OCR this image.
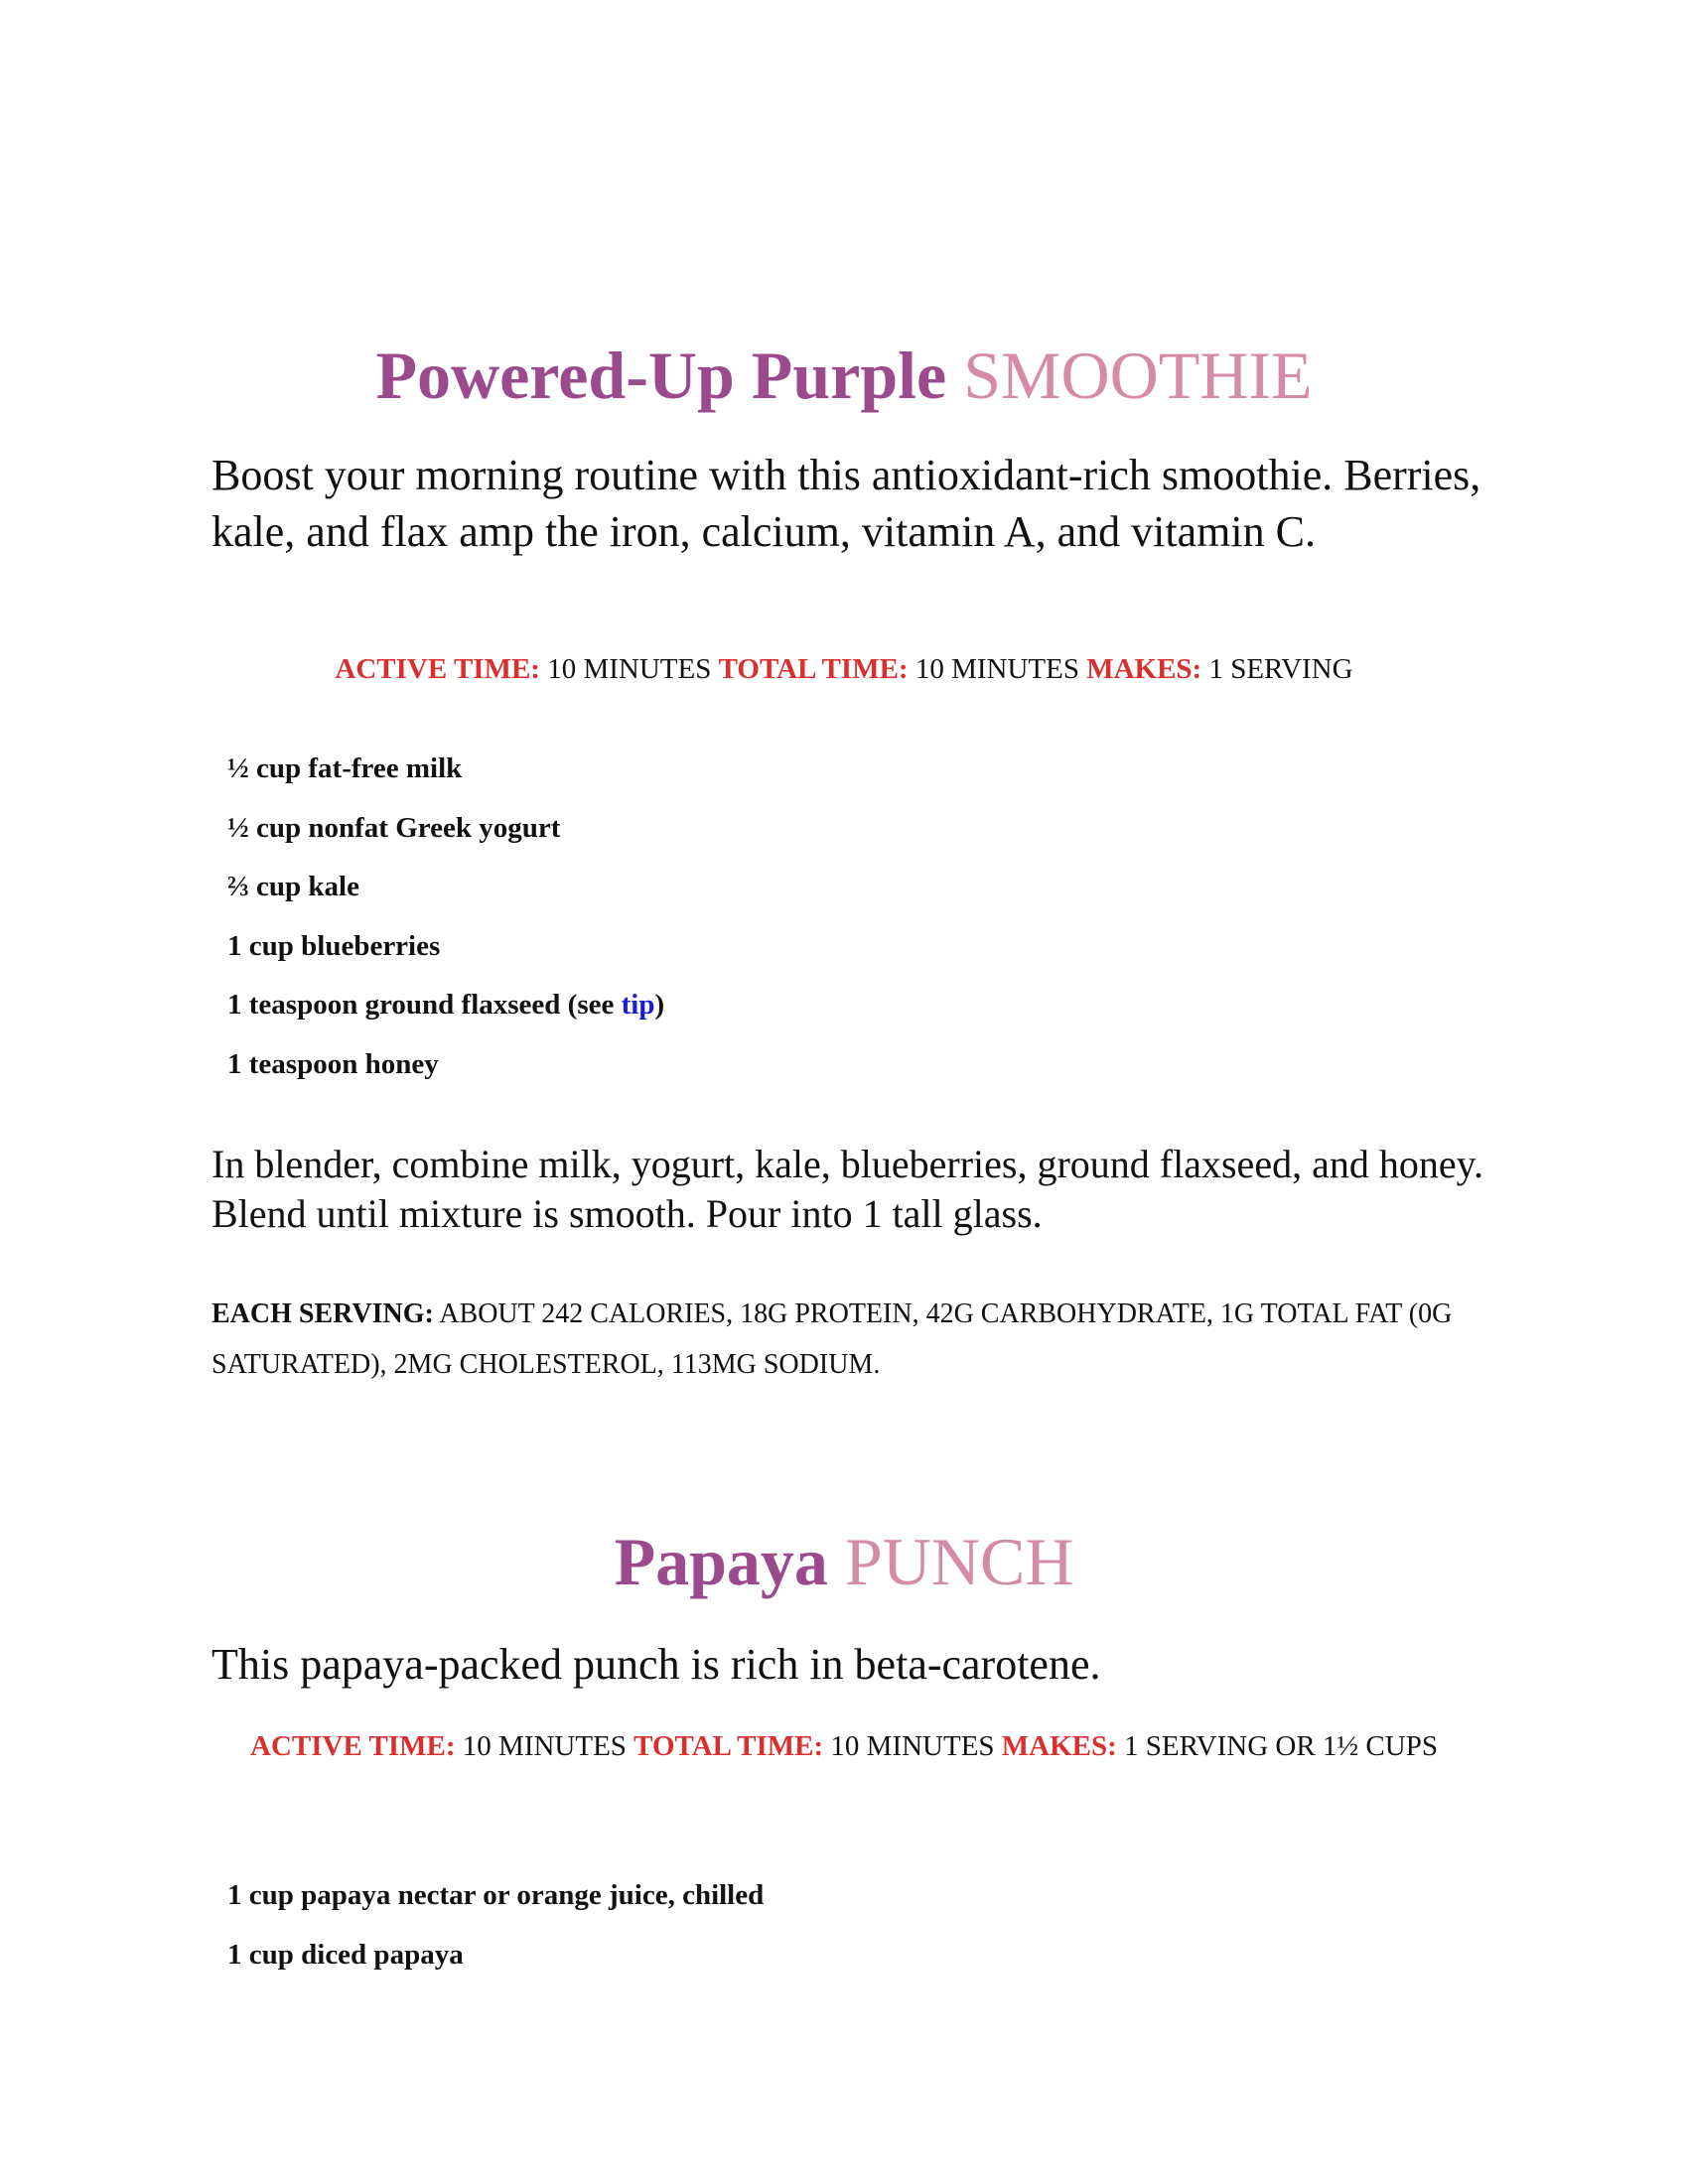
Powered-Up Purple SMOOTHIE

Boost your morning routine with this antioxidant-rich smoothie. Berries, kale, and flax amp the iron, calcium, vitamin A, and vitamin C.

ACTIVE TIME: 10 MINUTES TOTAL TIME: 10 MINUTES MAKES: 1 SERVING

½ cup fat-free milk
½ cup nonfat Greek yogurt
⅔ cup kale
1 cup blueberries
1 teaspoon ground flaxseed (see tip)
1 teaspoon honey

In blender, combine milk, yogurt, kale, blueberries, ground flaxseed, and honey. Blend until mixture is smooth. Pour into 1 tall glass.

EACH SERVING: ABOUT 242 CALORIES, 18G PROTEIN, 42G CARBOHYDRATE, 1G TOTAL FAT (0G SATURATED), 2MG CHOLESTEROL, 113MG SODIUM.

Papaya PUNCH

This papaya-packed punch is rich in beta-carotene.

ACTIVE TIME: 10 MINUTES TOTAL TIME: 10 MINUTES MAKES: 1 SERVING OR 1½ CUPS

1 cup papaya nectar or orange juice, chilled
1 cup diced papaya
